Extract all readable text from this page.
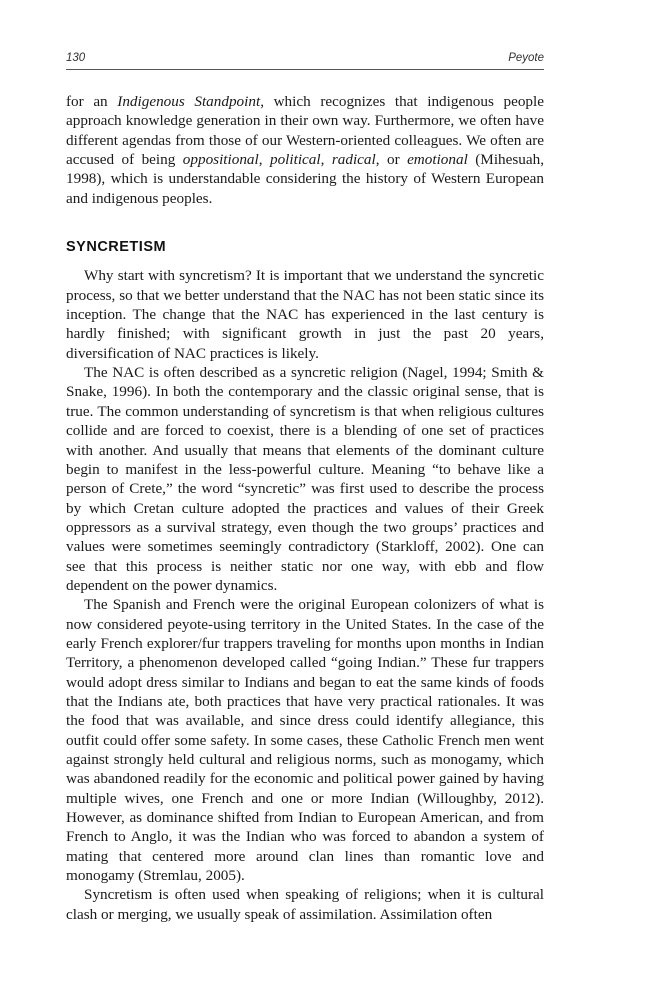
130	Peyote

for an Indigenous Standpoint, which recognizes that indigenous people approach knowledge generation in their own way. Furthermore, we often have different agendas from those of our Western-oriented colleagues. We often are accused of being oppositional, political, radical, or emotional (Mihesuah, 1998), which is understandable considering the history of Western European and indigenous peoples.

SYNCRETISM

Why start with syncretism? It is important that we understand the syncretic process, so that we better understand that the NAC has not been static since its inception. The change that the NAC has experienced in the last century is hardly finished; with significant growth in just the past 20 years, diversification of NAC practices is likely.

The NAC is often described as a syncretic religion (Nagel, 1994; Smith & Snake, 1996). In both the contemporary and the classic original sense, that is true. The common understanding of syncretism is that when religious cultures collide and are forced to coexist, there is a blending of one set of practices with another. And usually that means that elements of the dominant culture begin to manifest in the less-powerful culture. Meaning “to behave like a person of Crete,” the word “syncretic” was first used to describe the process by which Cretan culture adopted the practices and values of their Greek oppressors as a survival strategy, even though the two groups’ practices and values were sometimes seemingly contradictory (Starkloff, 2002). One can see that this process is neither static nor one way, with ebb and flow dependent on the power dynamics.

The Spanish and French were the original European colonizers of what is now considered peyote-using territory in the United States. In the case of the early French explorer/fur trappers traveling for months upon months in Indian Territory, a phenomenon developed called “going Indian.” These fur trappers would adopt dress similar to Indians and began to eat the same kinds of foods that the Indians ate, both practices that have very practical rationales. It was the food that was available, and since dress could identify allegiance, this outfit could offer some safety. In some cases, these Catholic French men went against strongly held cultural and religious norms, such as monogamy, which was abandoned readily for the economic and political power gained by having multiple wives, one French and one or more Indian (Willoughby, 2012). However, as dominance shifted from Indian to European American, and from French to Anglo, it was the Indian who was forced to abandon a system of mating that centered more around clan lines than romantic love and monogamy (Stremlau, 2005).

Syncretism is often used when speaking of religions; when it is cultural clash or merging, we usually speak of assimilation. Assimilation often
